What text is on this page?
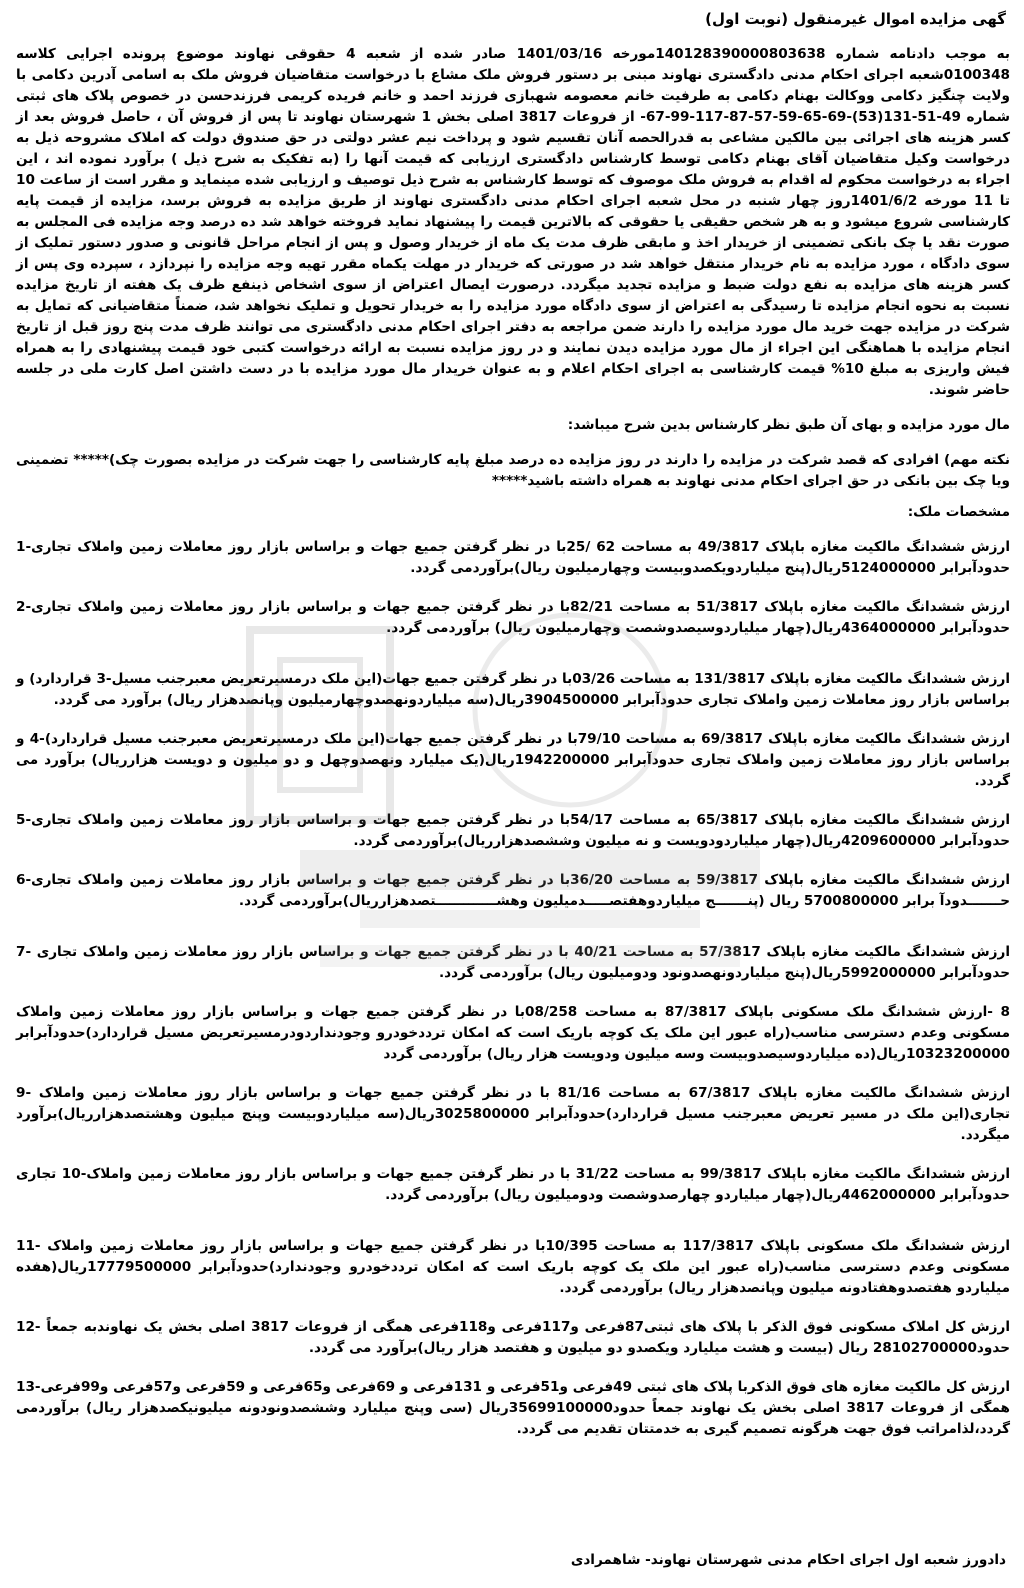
گهی مزایده اموال غیرمنقول (نوبت اول)
به موجب دادنامه شماره 140128390000803638مورخه 1401/03/16 صادر شده از شعبه 4 حقوقی نهاوند موضوع پرونده اجرایی کلاسه 0100348شعبه اجرای احکام مدنی دادگستری نهاوند مبنی بر دستور فروش ملک مشاع با درخواست متقاضیان فروش ملک به اسامی آدرین دکامی با ولایت چنگیز دکامی ووکالت بهنام دکامی به طرفیت خانم معصومه شهبازی فرزند احمد و خانم فریده کریمی فرزندحسن در خصوص پلاک های ثبتی شماره 49-51-131(53)-69-65-59-57-87-117-99-67- از فروعات 3817 اصلی بخش 1 شهرستان نهاوند تا پس از فروش آن ، حاصل فروش بعد از کسر هزینه های اجرائی بین مالکین مشاعی به قدرالحصه آنان تقسیم شود و پرداخت نیم عشر دولتی در حق صندوق دولت که املاک مشروحه ذیل به درخواست وکیل متقاضیان آقای بهنام دکامی توسط کارشناس دادگستری ارزیابی که قیمت آنها را (به تفکیک به شرح ذیل ) برآورد نموده اند ، این اجراء به درخواست محکوم له اقدام به فروش ملک موصوف که توسط کارشناس به شرح ذیل توصیف و ارزیابی شده مینماید و مقرر است از ساعت 10 تا 11 مورخه 1401/6/2روز چهار شنبه در محل شعبه اجرای احکام مدنی دادگستری نهاوند از طریق مزایده به فروش برسد، مزایده از قیمت پایه کارشناسی شروع میشود و به هر شخص حقیقی یا حقوقی که بالاترین قیمت را پیشنهاد نماید فروخته خواهد شد ده درصد وجه مزایده فی المجلس به صورت نقد یا چک بانکی تضمینی از خریدار اخذ و مابقی ظرف مدت یک ماه از خریدار وصول و پس از انجام مراحل قانونی و صدور دستور تملیک از سوی دادگاه ، مورد مزایده به نام خریدار منتقل خواهد شد در صورتی که خریدار در مهلت یکماه مقرر تهیه وجه مزایده را نپردازد ، سپرده وی پس از کسر هزینه های مزایده به نفع دولت ضبط و مزایده تجدید میگردد. درصورت ایصال اعتراض از سوی اشخاص ذینفع ظرف یک هفته از تاریخ مزایده نسبت به نحوه انجام مزایده تا رسیدگی به اعتراض از سوی دادگاه مورد مزایده را به خریدار تحویل و تملیک نخواهد شد، ضمناً متقاضیانی که تمایل به شرکت در مزایده جهت خرید مال مورد مزایده را دارند ضمن مراجعه به دفتر اجرای احکام مدنی دادگستری می توانند ظرف مدت پنج روز قبل از تاریخ انجام مزایده با هماهنگی این اجراء از مال مورد مزایده دیدن نمایند و در روز مزایده نسبت به ارائه درخواست کتبی خود قیمت پیشنهادی را به همراه فیش واریزی به مبلغ 10% قیمت کارشناسی به اجرای احکام اعلام و به عنوان خریدار مال مورد مزایده با در دست داشتن اصل کارت ملی در جلسه حاضر شوند.
مال مورد مزایده و بهای آن طبق نظر کارشناس بدین شرح میباشد:
نکته مهم) افرادی که قصد شرکت در مزایده را دارند در روز مزایده ده درصد مبلغ پایه کارشناسی را جهت شرکت در مزایده بصورت چک)***** تضمینی ویا چک بین بانکی در حق اجرای احکام مدنی نهاوند به همراه داشته باشید*****
مشخصات ملک:
ارزش ششدانگ مالکیت مغازه باپلاک 49/3817 به مساحت 62 /25با در نظر گرفتن جمیع جهات و براساس بازار روز معاملات زمین واملاک تجاری-1 حدودآبرابر 5124000000ریال(پنج میلیاردویکصدوبیست وچهارمیلیون ریال)برآوردمی گردد.
ارزش ششدانگ مالکیت مغازه باپلاک 51/3817 به مساحت 82/21با در نظر گرفتن جمیع جهات و براساس بازار روز معاملات زمین واملاک تجاری-2 حدودآبرابر 4364000000ریال(چهار میلیاردوسیصدوشصت وچهارمیلیون ریال) برآوردمی گردد.
ارزش ششدانگ مالکیت مغازه باپلاک 131/3817 به مساحت 03/26با در نظر گرفتن جمیع جهات(این ملک درمسیرتعریض معبرجنب مسیل-3 قراردارد) و براساس بازار روز معاملات زمین واملاک تجاری حدودآبرابر 3904500000ریال(سه میلیاردونهصدوچهارمیلیون وپانصدهزار ریال) برآورد می گردد.
ارزش ششدانگ مالکیت مغازه باپلاک 69/3817 به مساحت 79/10با در نظر گرفتن جمیع جهات(این ملک درمسیرتعریض معبرجنب مسیل قراردارد)-4 و براساس بازار روز معاملات زمین واملاک تجاری حدودآبرابر 1942200000ریال(یک میلیارد ونهصدوچهل و دو میلیون و دویست هزارریال) برآورد می گردد.
ارزش ششدانگ مالکیت مغازه باپلاک 65/3817 به مساحت 54/17با در نظر گرفتن جمیع جهات و براساس بازار روز معاملات زمین واملاک تجاری-5 حدودآبرابر 4209600000ریال(چهار میلیاردودویست و نه میلیون وششصدهزارریال)برآوردمی گردد.
ارزش ششدانگ مالکیت مغازه باپلاک 59/3817 به مساحت 36/20با در نظر گرفتن جمیع جهات و براساس بازار روز معاملات زمین واملاک تجاری-6 حـــــــدودآ برابر 5700800000 ریال (پنـــــــج میلیاردوهفتصـــــدمیلیون وهشـــــــــــــتصدهزارریال)برآوردمی گردد.
ارزش ششدانگ مالکیت مغازه باپلاک 57/3817 به مساحت 40/21 با در نظر گرفتن جمیع جهات و براساس بازار روز معاملات زمین واملاک تجاری -7 حدودآبرابر 5992000000ریال(پنج میلیاردونهصدونود ودومیلیون ریال) برآوردمی گردد.
8 -ارزش ششدانگ ملک مسکونی باپلاک 87/3817 به مساحت 08/258با در نظر گرفتن جمیع جهات و براساس بازار روز معاملات زمین واملاک مسکونی وعدم دسترسی مناسب(راه عبور این ملک یک کوچه باریک است که امکان ترددخودرو وجودنداردودرمسیرتعریض مسیل قراردارد)حدودآبرابر 10323200000ریال(ده میلیاردوسیصدوبیست وسه میلیون ودویست هزار ریال) برآوردمی گردد
ارزش ششدانگ مالکیت مغازه باپلاک 67/3817 به مساحت 81/16 با در نظر گرفتن جمیع جهات و براساس بازار روز معاملات زمین واملاک -9 تجاری(این ملک در مسیر تعریض معبرجنب مسیل قراردارد)حدودآبرابر 3025800000ریال(سه میلیاردوبیست وپنج میلیون وهشتصدهزارریال)برآورد میگردد.
ارزش ششدانگ مالکیت مغازه باپلاک 99/3817 به مساحت 31/22 با در نظر گرفتن جمیع جهات و براساس بازار روز معاملات زمین واملاک-10 تجاری حدودآبرابر 4462000000ریال(چهار میلیاردو چهارصدوشصت ودومیلیون ریال) برآوردمی گردد.
ارزش ششدانگ ملک مسکونی باپلاک 117/3817 به مساحت 10/395با در نظر گرفتن جمیع جهات و براساس بازار روز معاملات زمین واملاک -11 مسکونی وعدم دسترسی مناسب(راه عبور این ملک یک کوچه باریک است که امکان ترددخودرو وجودندارد)حدودآبرابر 17779500000ریال(هفده میلیاردو هفتصدوهفتادونه میلیون وپانصدهزار ریال) برآوردمی گردد.
ارزش کل املاک مسکونی فوق الذکر با پلاک های ثبتی87فرعی و117فرعی و118فرعی همگی از فروعات 3817 اصلی بخش یک نهاوندبه جمعاً -12 حدود28102700000 ریال (بیست و هشت میلیارد ویکصدو دو میلیون و هفتصد هزار ریال)برآورد می گردد.
ارزش کل مالکیت مغازه های فوق الذکربا پلاک های ثبتی 49فرعی و51فرعی و 131فرعی و 69فرعی و65فرعی و 59فرعی و57فرعی و99فرعی-13 همگی از فروعات 3817 اصلی بخش یک نهاوند جمعاً حدود35699100000ریال (سی وپنج میلیارد وششصدونودونه میلیونیکصدهزار ریال) برآوردمی گردد،لذامراتب فوق جهت هرگونه تصمیم گیری به خدمتتان تقدیم می گردد.
دادورز شعبه اول اجرای احکام مدنی شهرستان نهاوند- شاهمرادی
